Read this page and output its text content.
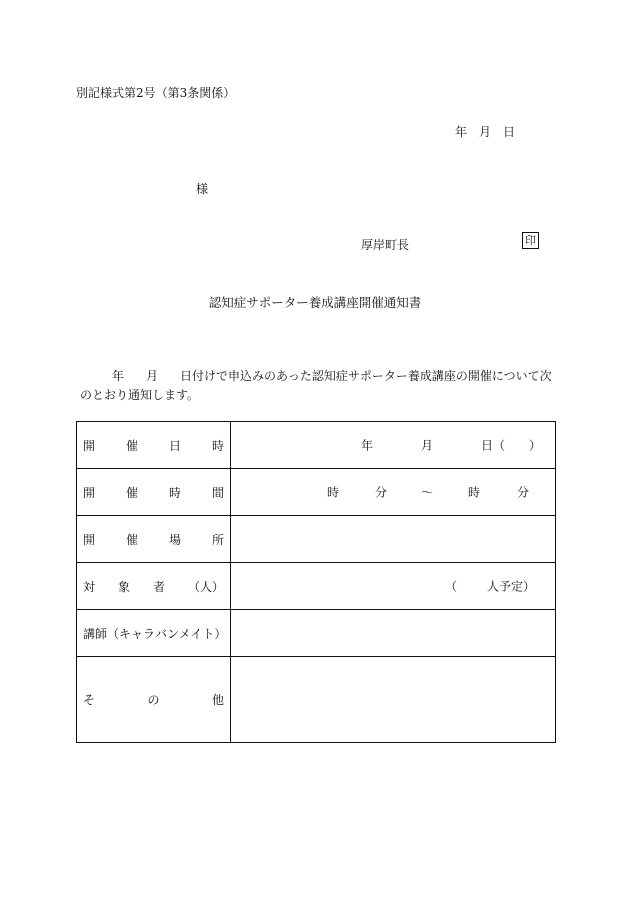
別記様式第2号（第3条関係）
年　月　日
様
厚岸町長	印
認知症サポーター養成講座開催通知書
年 月 日付けで申込みのあった認知症サポーター養成講座の開催について次
のとおり通知します。
開 催 日 時	年 月 日（　　）

開 催 時 間	時 分 ～ 時 分

開 催 場 所	

対 象 者 （人）	（ 人予定）

講師（キャラバンメイト）	

そ の 他	
